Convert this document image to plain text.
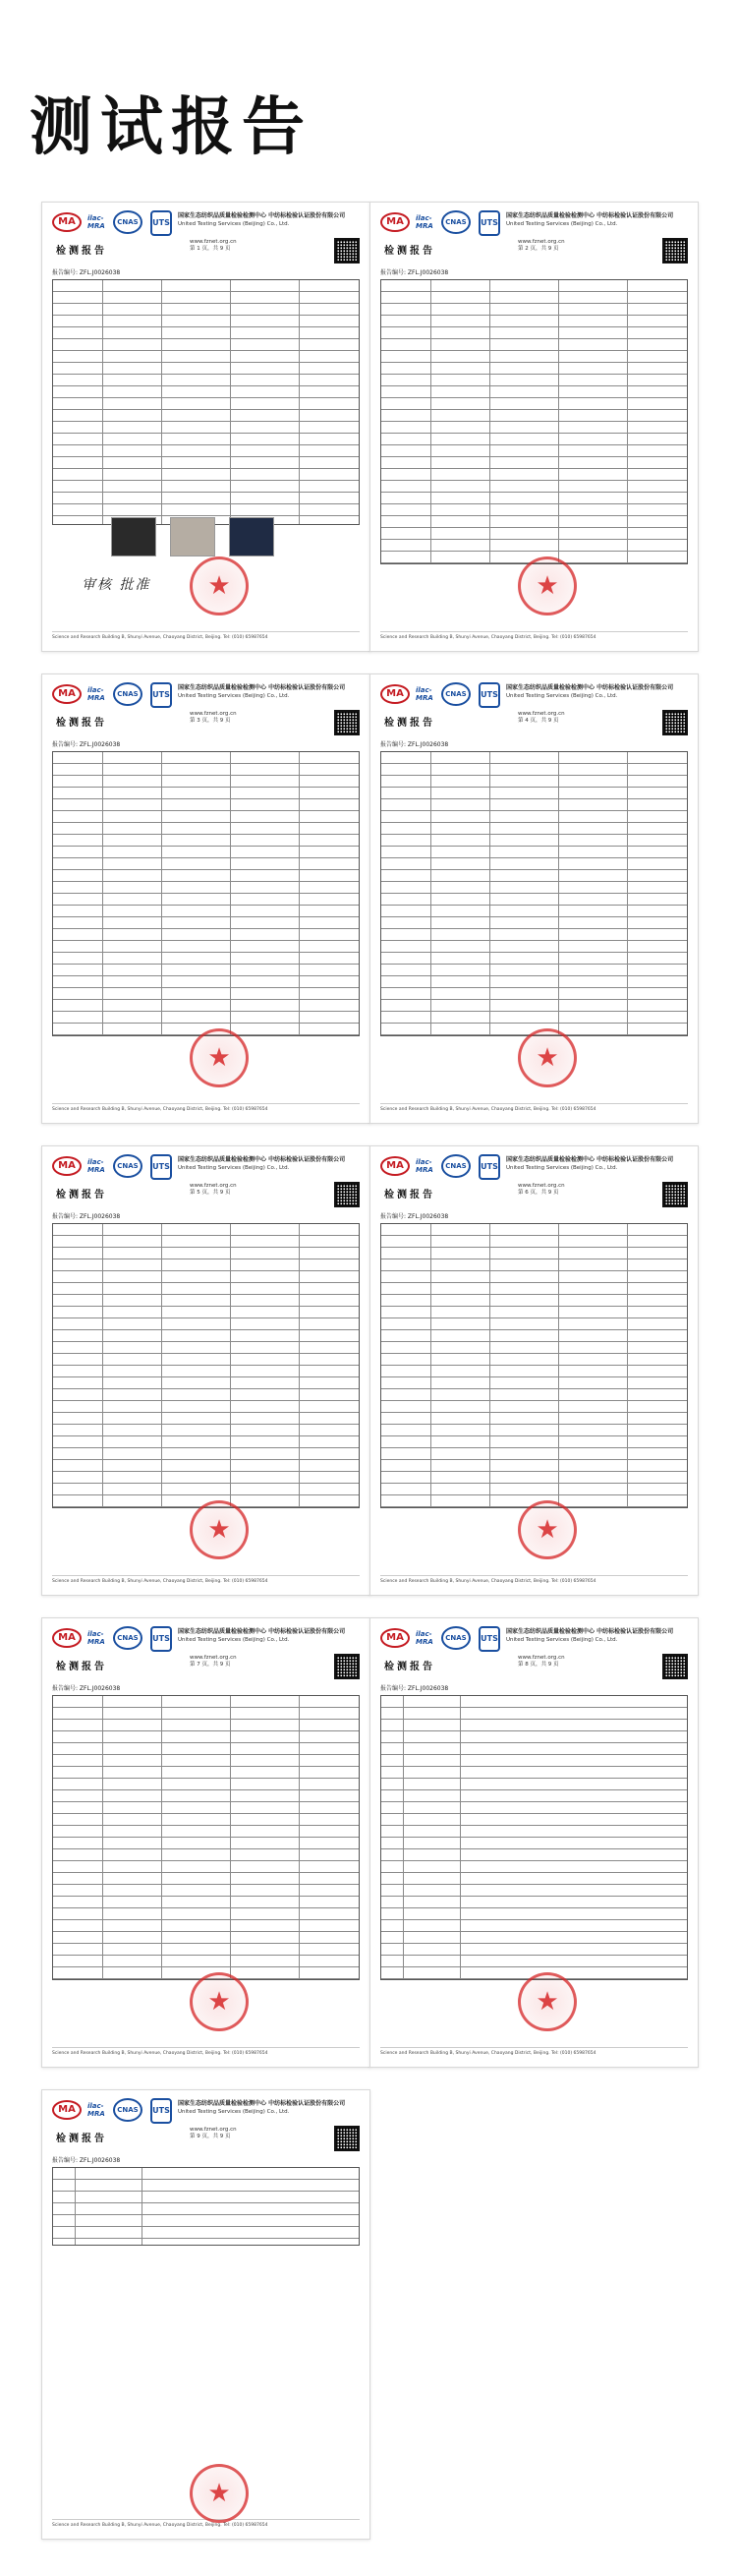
测试报告
MA	ilac-MRA	CNAS	UTS
国家生态纺织品质量检验检测中心 中纺标检验认证股份有限公司
United Testing Services (Beijing) Co., Ltd.
检测报告
www.fznet.org.cn
第 1 页，共 9 页
报告编号: ZFL.J0026038
Science and Research Building B, Shunyi Avenue, Chaoyang District, Beijing. Tel: (010) 65987654
审核 批准
★
MA	ilac-MRA	CNAS	UTS
国家生态纺织品质量检验检测中心 中纺标检验认证股份有限公司
United Testing Services (Beijing) Co., Ltd.
检测报告
www.fznet.org.cn
第 2 页，共 9 页
报告编号: ZFL.J0026038
Science and Research Building B, Shunyi Avenue, Chaoyang District, Beijing. Tel: (010) 65987654
★
MA	ilac-MRA	CNAS	UTS
国家生态纺织品质量检验检测中心 中纺标检验认证股份有限公司
United Testing Services (Beijing) Co., Ltd.
检测报告
www.fznet.org.cn
第 3 页，共 9 页
报告编号: ZFL.J0026038
Science and Research Building B, Shunyi Avenue, Chaoyang District, Beijing. Tel: (010) 65987654
★
MA	ilac-MRA	CNAS	UTS
国家生态纺织品质量检验检测中心 中纺标检验认证股份有限公司
United Testing Services (Beijing) Co., Ltd.
检测报告
www.fznet.org.cn
第 4 页，共 9 页
报告编号: ZFL.J0026038
Science and Research Building B, Shunyi Avenue, Chaoyang District, Beijing. Tel: (010) 65987654
★
MA	ilac-MRA	CNAS	UTS
国家生态纺织品质量检验检测中心 中纺标检验认证股份有限公司
United Testing Services (Beijing) Co., Ltd.
检测报告
www.fznet.org.cn
第 5 页，共 9 页
报告编号: ZFL.J0026038
Science and Research Building B, Shunyi Avenue, Chaoyang District, Beijing. Tel: (010) 65987654
★
MA	ilac-MRA	CNAS	UTS
国家生态纺织品质量检验检测中心 中纺标检验认证股份有限公司
United Testing Services (Beijing) Co., Ltd.
检测报告
www.fznet.org.cn
第 6 页，共 9 页
报告编号: ZFL.J0026038
Science and Research Building B, Shunyi Avenue, Chaoyang District, Beijing. Tel: (010) 65987654
★
MA	ilac-MRA	CNAS	UTS
国家生态纺织品质量检验检测中心 中纺标检验认证股份有限公司
United Testing Services (Beijing) Co., Ltd.
检测报告
www.fznet.org.cn
第 7 页，共 9 页
报告编号: ZFL.J0026038
Science and Research Building B, Shunyi Avenue, Chaoyang District, Beijing. Tel: (010) 65987654
★
MA	ilac-MRA	CNAS	UTS
国家生态纺织品质量检验检测中心 中纺标检验认证股份有限公司
United Testing Services (Beijing) Co., Ltd.
检测报告
www.fznet.org.cn
第 8 页，共 9 页
报告编号: ZFL.J0026038
Science and Research Building B, Shunyi Avenue, Chaoyang District, Beijing. Tel: (010) 65987654
★
MA	ilac-MRA	CNAS	UTS
国家生态纺织品质量检验检测中心 中纺标检验认证股份有限公司
United Testing Services (Beijing) Co., Ltd.
检测报告
www.fznet.org.cn
第 9 页，共 9 页
报告编号: ZFL.J0026038
Science and Research Building B, Shunyi Avenue, Chaoyang District, Beijing. Tel: (010) 65987654
★
